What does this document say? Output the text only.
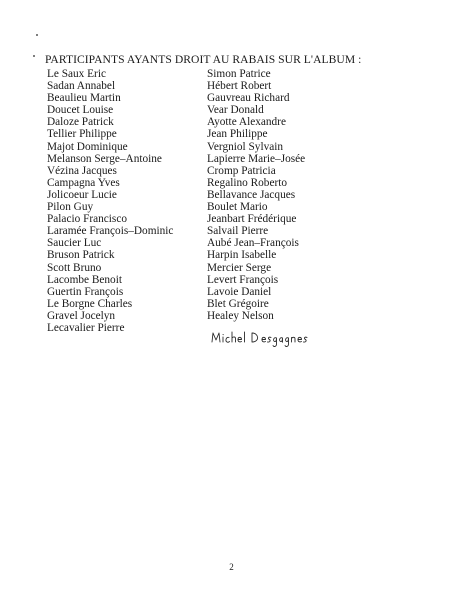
PARTICIPANTS AYANTS DROIT AU RABAIS SUR L'ALBUM :
Le Saux Eric
Sadan Annabel
Beaulieu Martin
Doucet Louise
Daloze Patrick
Tellier Philippe
Majot Dominique
Melanson Serge–Antoine
Vézina Jacques
Campagna Yves
Jolicoeur Lucie
Pilon Guy
Palacio Francisco
Laramée François–Dominic
Saucier Luc
Bruson Patrick
Scott Bruno
Lacombe Benoit
Guertin François
Le Borgne Charles
Gravel Jocelyn
Lecavalier Pierre
Simon Patrice
Hébert Robert
Gauvreau Richard
Vear Donald
Ayotte Alexandre
Jean Philippe
Vergniol Sylvain
Lapierre Marie–Josée
Cromp Patricia
Regalino Roberto
Bellavance Jacques
Boulet Mario
Jeanbart Frédérique
Salvail Pierre
Aubé Jean–François
Harpin Isabelle
Mercier Serge
Levert François
Lavoie Daniel
Blet Grégoire
Healey Nelson
2
